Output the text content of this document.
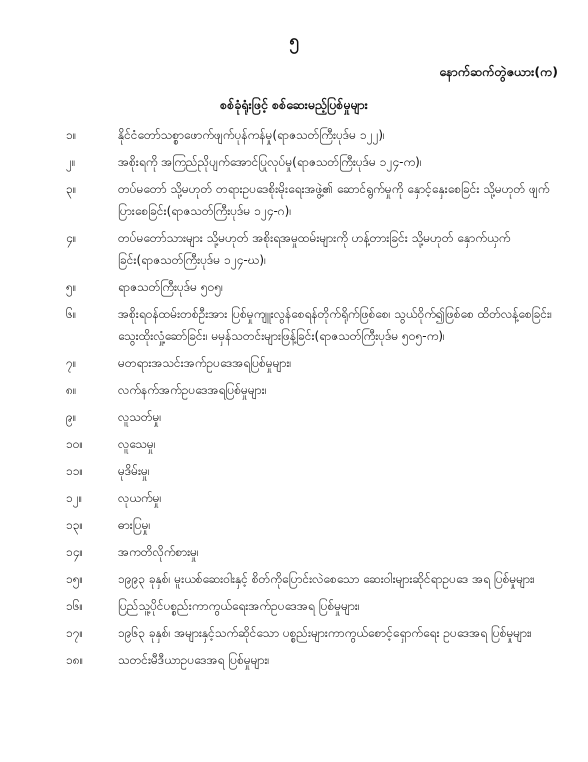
၅
နောက်ဆက်တွဲဇယား(က)
စစ်ခုံရုံးဖြင့် စစ်ဆေးမည့်ပြစ်မှုများ
၁။	နိုင်ငံတော်သစ္စာဖောက်ဖျက်ပုန်ကန်မှု(ရာဇသတ်ကြီးပုဒ်မ ၁၂၂)၊
၂။	အစိုးရကို အကြည်ညိုပျက်အောင်ပြုလုပ်မှု(ရာဇသတ်ကြီးပုဒ်မ ၁၂၄-က)၊
၃။	တပ်မတော် သို့မဟုတ် တရားဥပဒေစိုးမိုးရေးအဖွဲ့၏ ဆောင်ရွက်မှုကို နှောင့်နှေးစေခြင်း သို့မဟုတ် ဖျက်ပြားစေခြင်း(ရာဇသတ်ကြီးပုဒ်မ ၁၂၄-ဂ)၊
၄။	တပ်မတော်သားများ သို့မဟုတ် အစိုးရအမှုထမ်းများကို ဟန့်တားခြင်း သို့မဟုတ် နှောက်ယှက်ခြင်း(ရာဇသတ်ကြီးပုဒ်မ ၁၂၄-ဃ)၊
၅။	ရာဇသတ်ကြီးပုဒ်မ ၅၀၅၊
၆။	အစိုးရဝန်ထမ်းတစ်ဦးအား ပြစ်မှုကျူးလွန်စေရန်တိုက်ရိုက်ဖြစ်စေ၊ သွယ်ဝိုက်၍ဖြစ်စေ ထိတ်လန့်စေခြင်း၊ သွေးထိုးလှုံ့ဆော်ခြင်း၊ မမှန်သတင်းများဖြန့်ခြင်း(ရာဇသတ်ကြီးပုဒ်မ ၅၀၅-က)၊
၇။	မတရားအသင်းအက်ဥပဒေအရပြစ်မှုများ၊
၈။	လက်နက်အက်ဥပဒေအရပြစ်မှုများ၊
၉။	လူသတ်မှု၊
၁၀။	လူသေမှု၊
၁၁။	မုဒိမ်းမှု၊
၁၂။	လုယက်မှု၊
၁၃။	ဓားပြမှု၊
၁၄။	အကတိလိုက်စားမှု၊
၁၅။	၁၉၉၃ ခုနှစ်၊ မူးယစ်ဆေးဝါးနှင့် စိတ်ကိုပြောင်းလဲစေသော ဆေးဝါးများဆိုင်ရာဥပဒေ အရ ပြစ်မှုများ၊
၁၆။	ပြည်သူ့ပိုင်ပစ္စည်းကာကွယ်ရေးအက်ဥပဒေအရ ပြစ်မှုများ၊
၁၇။	၁၉၆၃ ခုနှစ်၊ အများနှင့်သက်ဆိုင်သော ပစ္စည်းများကာကွယ်စောင့်ရှောက်ရေး ဥပဒေအရ ပြစ်မှုများ၊
၁၈။	သတင်းမီဒီယာဥပဒေအရ ပြစ်မှုများ၊
